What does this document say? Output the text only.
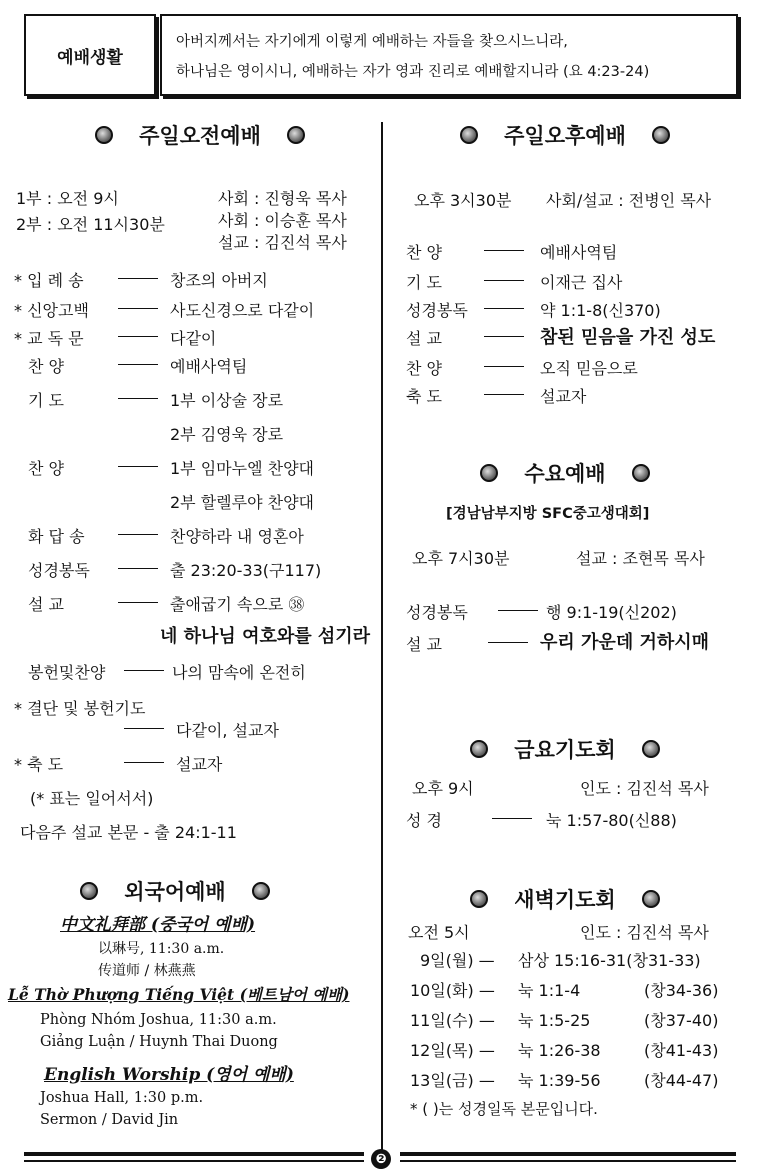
예배생활
아버지께서는 자기에게 이렇게 예배하는 자들을 찾으시느니라,
하나님은 영이시니, 예배하는 자가 영과 진리로 예배할지니라 (요 4:23-24)
주일오전예배
1부 : 오전 9시
2부 : 오전 11시30분
사회 : 진형욱 목사
사회 : 이승훈 목사
설교 : 김진석 목사
* 입 례 송	창조의 아버지
* 신앙고백	사도신경으로 다같이
* 교 독 문	다같이
찬 양	예배사역팀
기 도	1부 이상술 장로
2부 김영욱 장로
찬 양	1부 임마누엘 찬양대
2부 할렐루야 찬양대
화 답 송	찬양하라 내 영혼아
성경봉독	출 23:20-33(구117)
설 교	출애굽기 속으로 ㊳
네 하나님 여호와를 섬기라
봉헌및찬양	나의 맘속에 온전히
* 결단 및 봉헌기도
다같이, 설교자
* 축 도	설교자
(* 표는 일어서서)
다음주 설교 본문 - 출 24:1-11
외국어예배
中文礼拜部 (중국어 예배)
以琳号, 11:30 a.m.
传道师 / 林燕燕
Lễ Thờ Phượng Tiếng Việt (베트남어 예배)
Phòng Nhóm Joshua, 11:30 a.m.
Giảng Luận / Huynh Thai Duong
English Worship (영어 예배)
Joshua Hall, 1:30 p.m.
Sermon / David Jin
주일오후예배
오후 3시30분 사회/설교 : 전병인 목사
찬 양	예배사역팀
기 도	이재근 집사
성경봉독	약 1:1-8(신370)
설 교	참된 믿음을 가진 성도
찬 양	오직 믿음으로
축 도	설교자
수요예배
[경남남부지방 SFC중고생대회]
오후 7시30분	설교 : 조현목 목사
성경봉독	행 9:1-19(신202)
설 교	우리 가운데 거하시매
금요기도회
오후 9시	인도 : 김진석 목사
성 경	눅 1:57-80(신88)
새벽기도회
오전 5시	인도 : 김진석 목사
9일(월) — 삼상 15:16-31(창31-33)
10일(화) — 눅 1:1-4	(창34-36)
11일(수) — 눅 1:5-25	(창37-40)
12일(목) — 눅 1:26-38	(창41-43)
13일(금) — 눅 1:39-56	(창44-47)
* ( )는 성경일독 본문입니다.
❷
